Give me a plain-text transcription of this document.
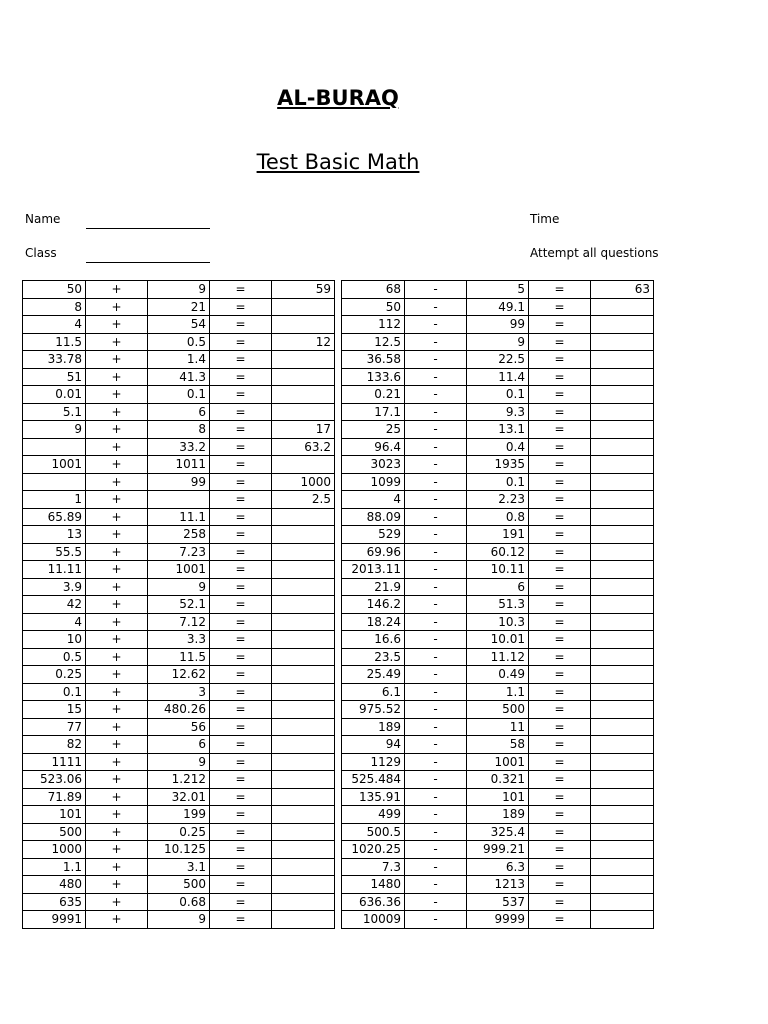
AL-BURAQ
Test Basic Math
Name
Class
Time
Attempt all questions
50	+	9	=	59
8	+	21	=	
4	+	54	=	
11.5	+	0.5	=	12
33.78	+	1.4	=	
51	+	41.3	=	
0.01	+	0.1	=	
5.1	+	6	=	
9	+	8	=	17
	+	33.2	=	63.2
1001	+	1011	=	
	+	99	=	1000
1	+		=	2.5
65.89	+	11.1	=	
13	+	258	=	
55.5	+	7.23	=	
11.11	+	1001	=	
3.9	+	9	=	
42	+	52.1	=	
4	+	7.12	=	
10	+	3.3	=	
0.5	+	11.5	=	
0.25	+	12.62	=	
0.1	+	3	=	
15	+	480.26	=	
77	+	56	=	
82	+	6	=	
1111	+	9	=	
523.06	+	1.212	=	
71.89	+	32.01	=	
101	+	199	=	
500	+	0.25	=	
1000	+	10.125	=	
1.1	+	3.1	=	
480	+	500	=	
635	+	0.68	=	
9991	+	9	=	
68	-	5	=	63
50	-	49.1	=	
112	-	99	=	
12.5	-	9	=	
36.58	-	22.5	=	
133.6	-	11.4	=	
0.21	-	0.1	=	
17.1	-	9.3	=	
25	-	13.1	=	
96.4	-	0.4	=	
3023	-	1935	=	
1099	-	0.1	=	
4	-	2.23	=	
88.09	-	0.8	=	
529	-	191	=	
69.96	-	60.12	=	
2013.11	-	10.11	=	
21.9	-	6	=	
146.2	-	51.3	=	
18.24	-	10.3	=	
16.6	-	10.01	=	
23.5	-	11.12	=	
25.49	-	0.49	=	
6.1	-	1.1	=	
975.52	-	500	=	
189	-	11	=	
94	-	58	=	
1129	-	1001	=	
525.484	-	0.321	=	
135.91	-	101	=	
499	-	189	=	
500.5	-	325.4	=	
1020.25	-	999.21	=	
7.3	-	6.3	=	
1480	-	1213	=	
636.36	-	537	=	
10009	-	9999	=	
